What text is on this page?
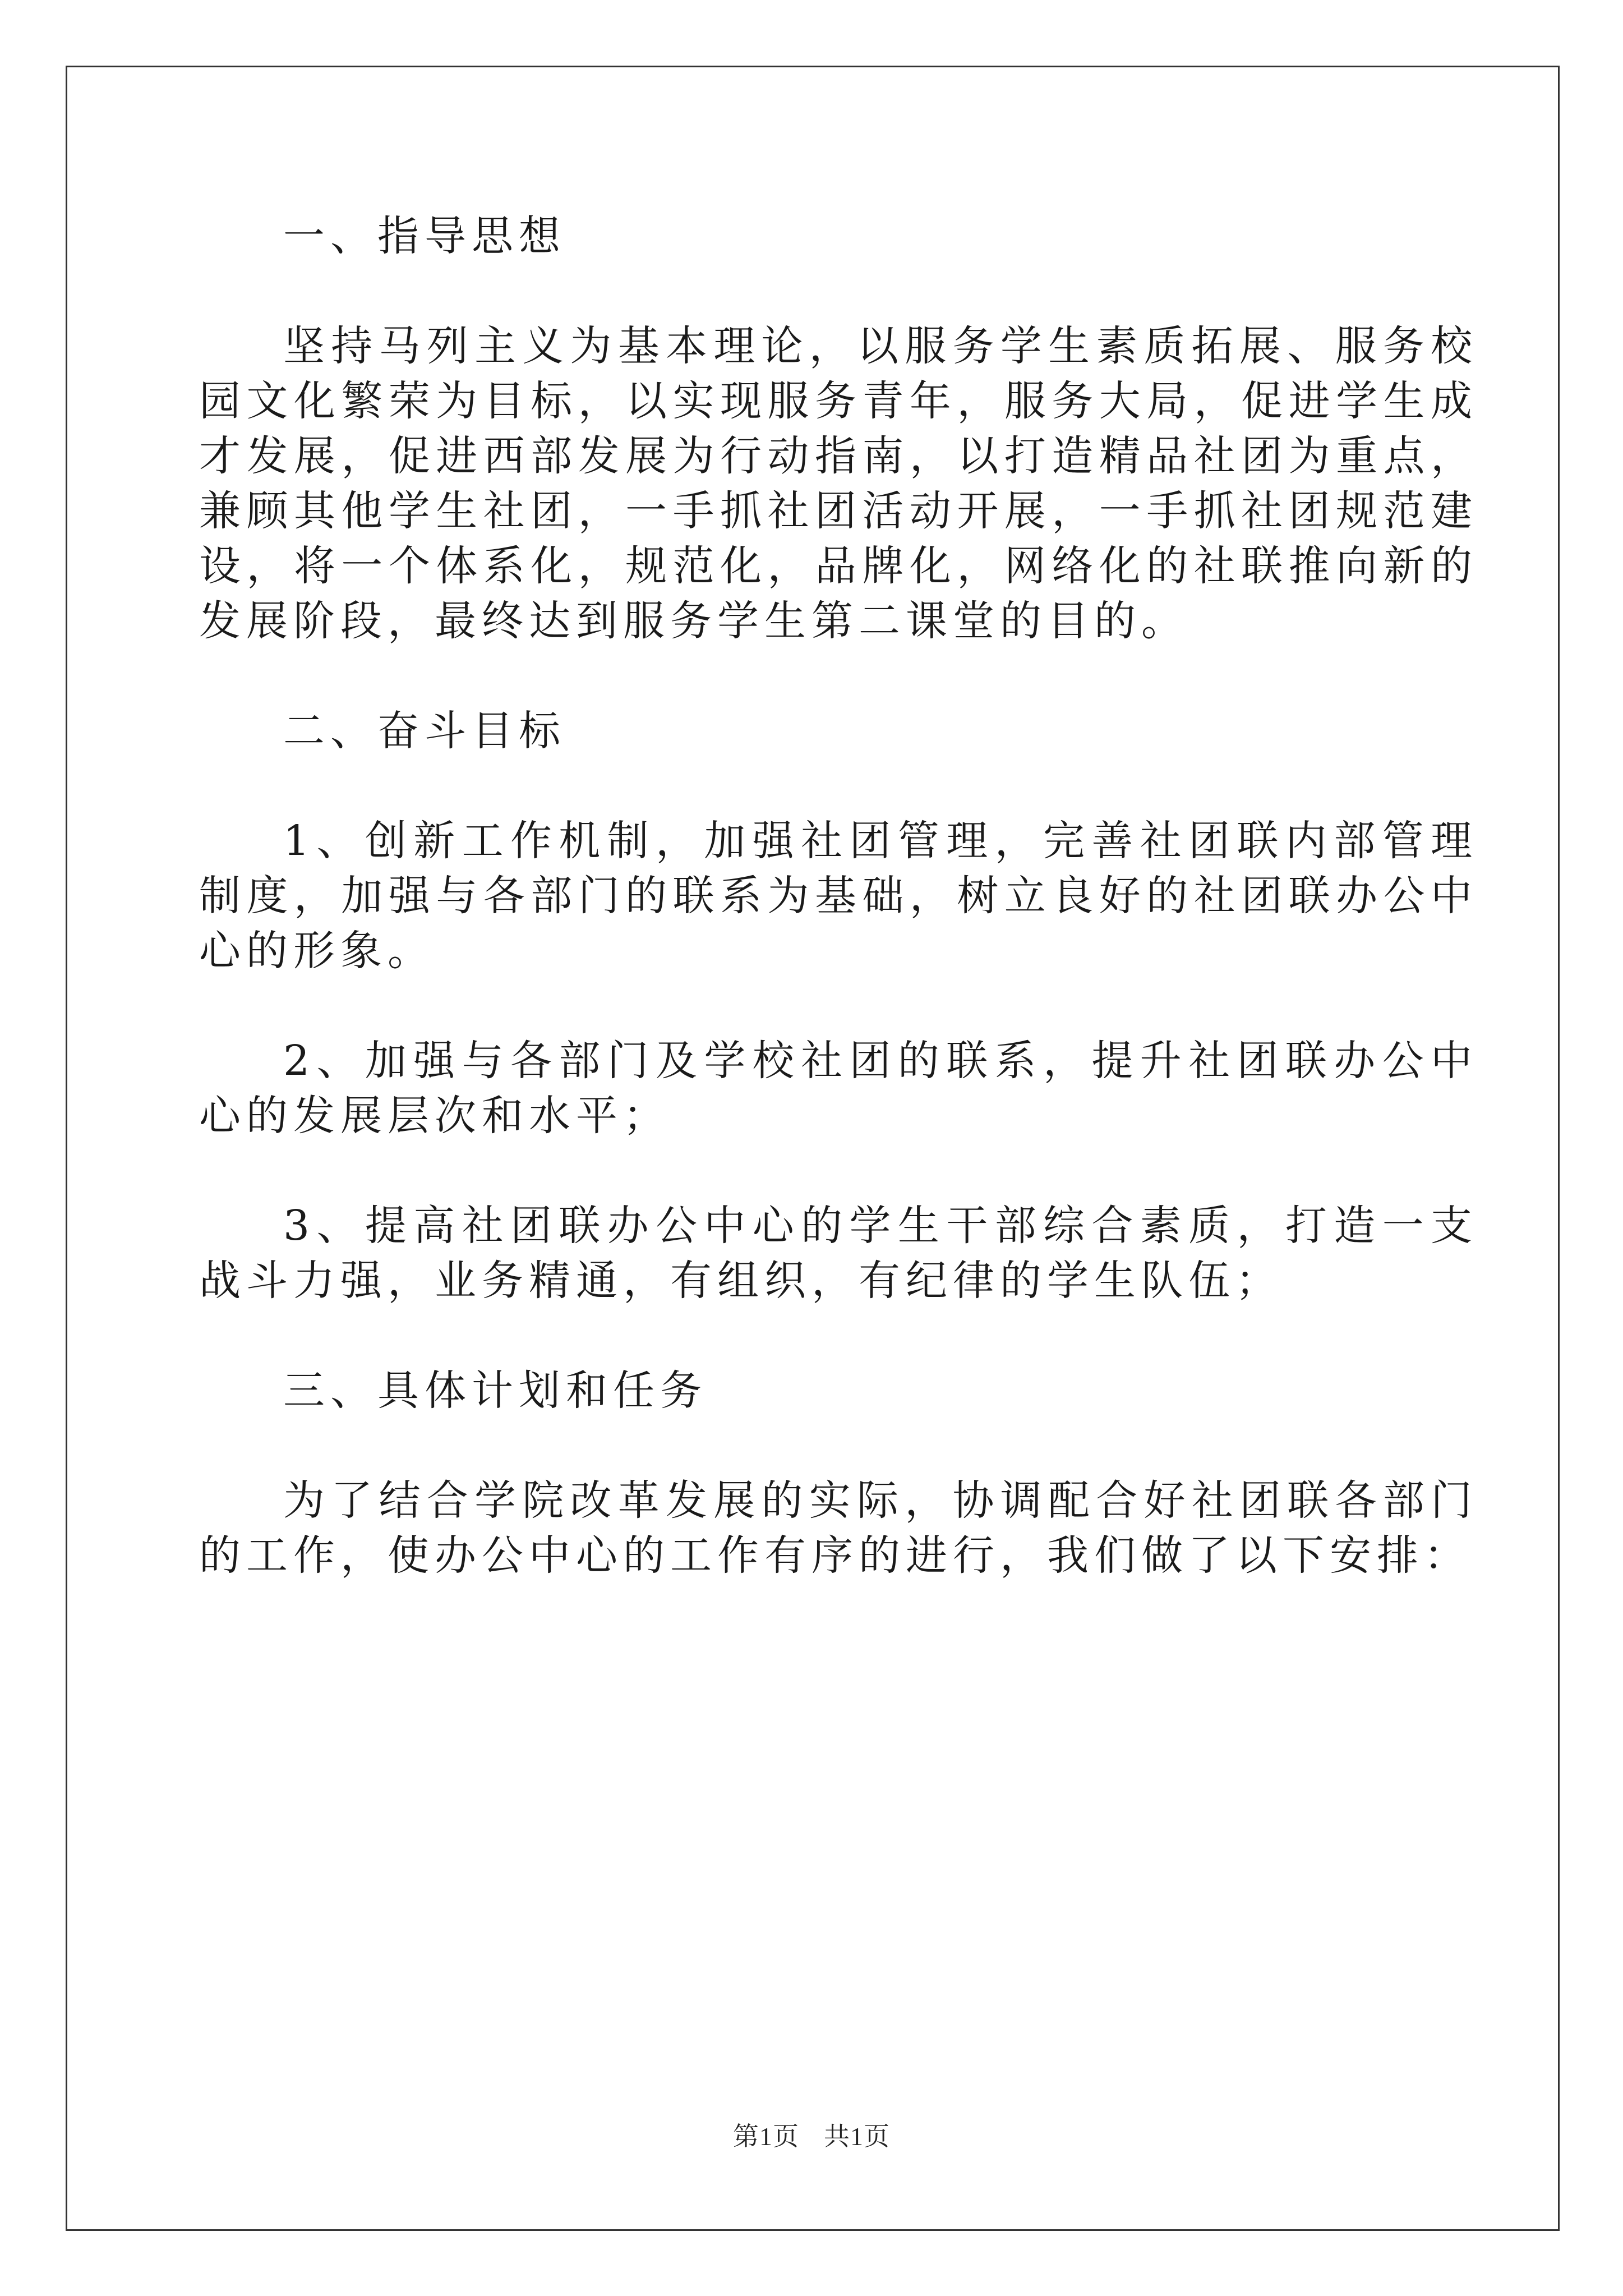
一、指导思想

坚持马列主义为基本理论，以服务学生素质拓展、服务校园文化繁荣为目标，以实现服务青年，服务大局，促进学生成才发展，促进西部发展为行动指南，以打造精品社团为重点，兼顾其他学生社团，一手抓社团活动开展，一手抓社团规范建设，将一个体系化，规范化，品牌化，网络化的社联推向新的发展阶段，最终达到服务学生第二课堂的目的。

二、奋斗目标

1、创新工作机制，加强社团管理，完善社团联内部管理制度，加强与各部门的联系为基础，树立良好的社团联办公中心的形象。

2、加强与各部门及学校社团的联系，提升社团联办公中心的发展层次和水平；

3、提高社团联办公中心的学生干部综合素质，打造一支战斗力强，业务精通，有组织，有纪律的学生队伍；

三、具体计划和任务

为了结合学院改革发展的实际，协调配合好社团联各部门的工作，使办公中心的工作有序的进行，我们做了以下安排：

第1页 共1页
